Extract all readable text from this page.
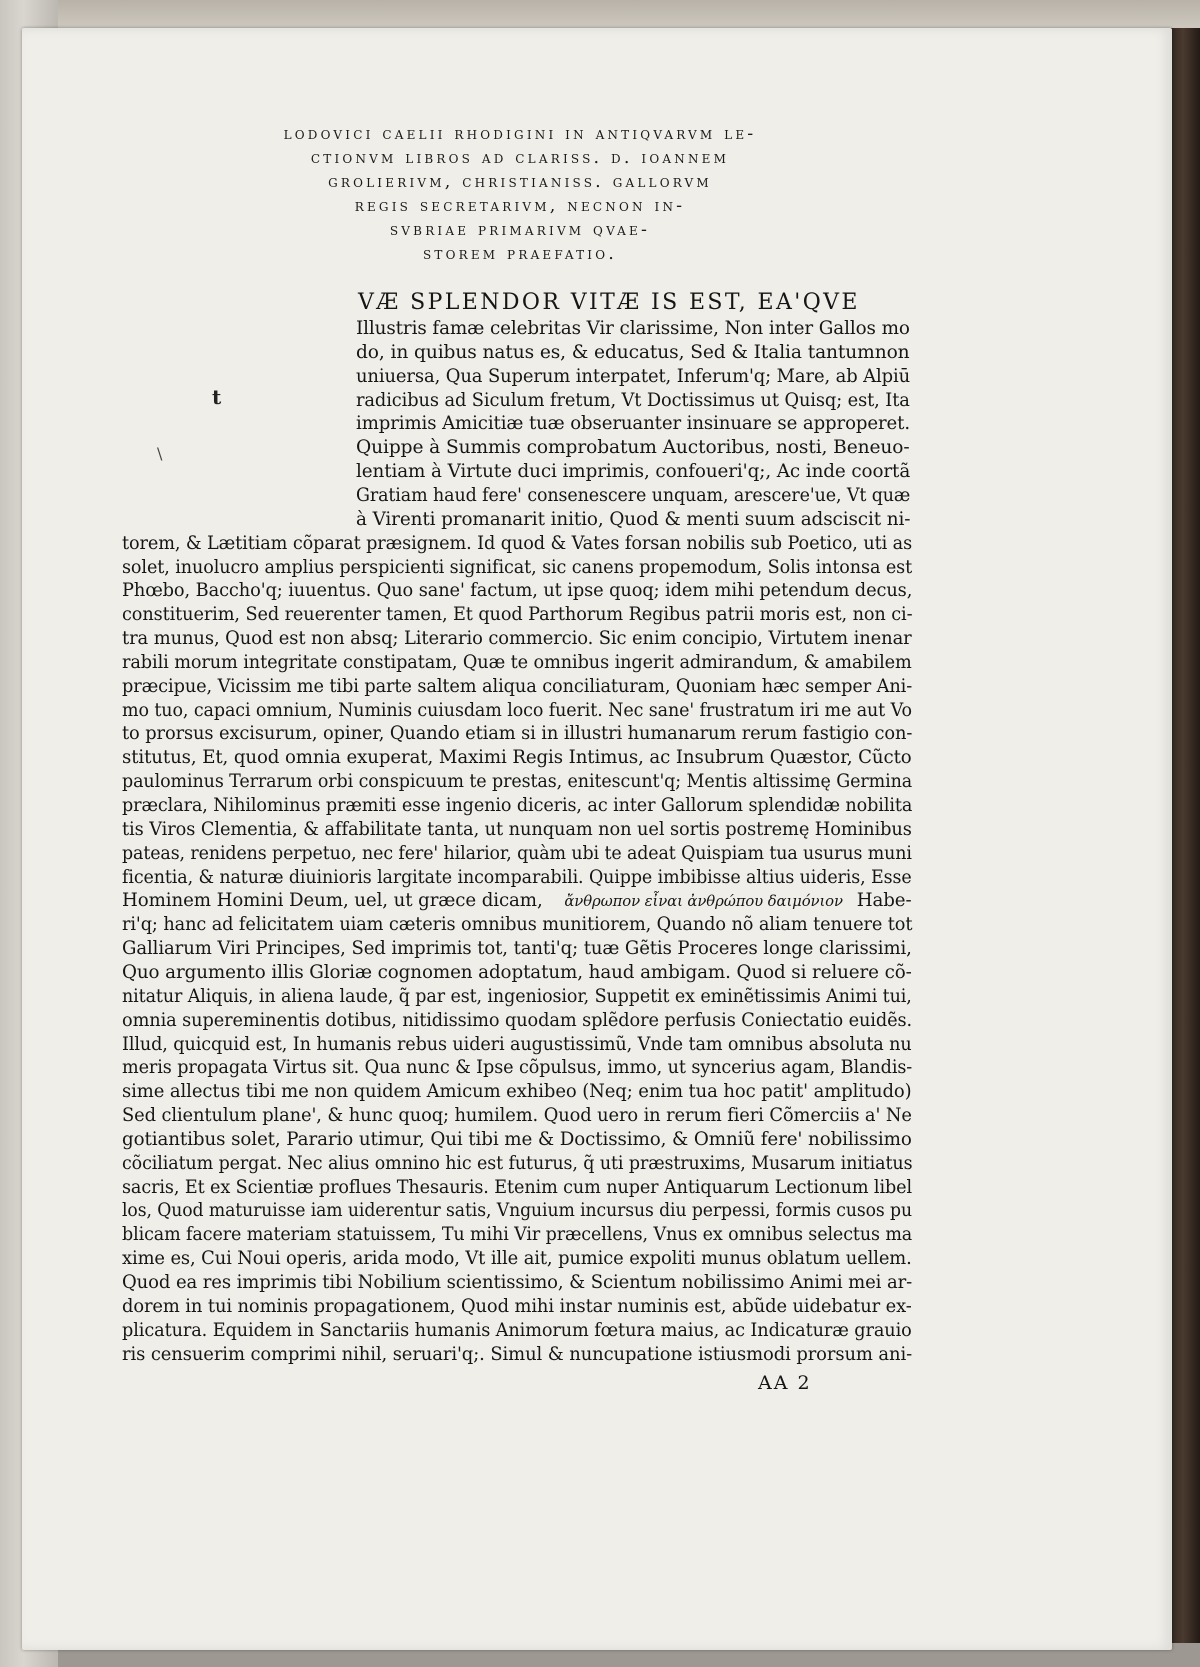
lodovici caelii rhodigini in antiqvarvm le-
ctionvm libros ad clariss. d. ioannem
grolierivm, christianiss. gallorvm
regis secretarivm, necnon in-
svbriae primarivm qvae-
storem praefatio.
VÆ SPLENDOR VITÆ IS EST, EA'QVE
t
\
Illustris famæ celebritas Vir clarissime, Non inter Gallos mo
do, in quibus natus es, & educatus, Sed & Italia tantumnon
uniuersa, Qua Superum interpatet, Inferum'q; Mare, ab Alpiū
radicibus ad Siculum fretum, Vt Doctissimus ut Quisq; est, Ita
imprimis Amicitiæ tuæ obseruanter insinuare se approperet.
Quippe à Summis comprobatum Auctoribus, nosti, Beneuo-
lentiam à Virtute duci imprimis, confoueri'q;, Ac inde coortã
Gratiam haud fere' consenescere unquam, arescere'ue, Vt quæ
à Virenti promanarit initio, Quod & menti suum adsciscit ni-
torem, & Lætitiam cõparat præsignem. Id quod & Vates forsan nobilis sub Poetico, uti as
solet, inuolucro amplius perspicienti significat, sic canens propemodum, Solis intonsa est
Phœbo, Baccho'q; iuuentus. Quo sane' factum, ut ipse quoq; idem mihi petendum decus,
constituerim, Sed reuerenter tamen, Et quod Parthorum Regibus patrii moris est, non ci-
tra munus, Quod est non absq; Literario commercio. Sic enim concipio, Virtutem inenar
rabili morum integritate constipatam, Quæ te omnibus ingerit admirandum, & amabilem
præcipue, Vicissim me tibi parte saltem aliqua conciliaturam, Quoniam hæc semper Ani-
mo tuo, capaci omnium, Numinis cuiusdam loco fuerit. Nec sane' frustratum iri me aut Vo
to prorsus excisurum, opiner, Quando etiam si in illustri humanarum rerum fastigio con-
stitutus, Et, quod omnia exuperat, Maximi Regis Intimus, ac Insubrum Quæstor, Cũcto
paulominus Terrarum orbi conspicuum te prestas, enitescunt'q; Mentis altissimę Germina
præclara, Nihilominus præmiti esse ingenio diceris, ac inter Gallorum splendidæ nobilita
tis Viros Clementia, & affabilitate tanta, ut nunquam non uel sortis postremę Hominibus
pateas, renidens perpetuo, nec fere' hilarior, quàm ubi te adeat Quispiam tua usurus muni
ficentia, & naturæ diuinioris largitate incomparabili. Quippe imbibisse altius uideris, Esse
Hominem Homini Deum, uel, ut græce dicam, ἄνθρωπον εἶναι ἀνθρώπου δαιμόνιον Habe-
ri'q; hanc ad felicitatem uiam cæteris omnibus munitiorem, Quando nõ aliam tenuere tot
Galliarum Viri Principes, Sed imprimis tot, tanti'q; tuæ Gẽtis Proceres longe clarissimi,
Quo argumento illis Gloriæ cognomen adoptatum, haud ambigam. Quod si reluere cõ-
nitatur Aliquis, in aliena laude, q̃ par est, ingeniosior, Suppetit ex eminẽtissimis Animi tui,
omnia supereminentis dotibus, nitidissimo quodam splẽdore perfusis Coniectatio euidẽs.
Illud, quicquid est, In humanis rebus uideri augustissimũ, Vnde tam omnibus absoluta nu
meris propagata Virtus sit. Qua nunc & Ipse cõpulsus, immo, ut syncerius agam, Blandis-
sime allectus tibi me non quidem Amicum exhibeo (Neq; enim tua hoc patit' amplitudo)
Sed clientulum plane', & hunc quoq; humilem. Quod uero in rerum fieri Cõmerciis a' Ne
gotiantibus solet, Parario utimur, Qui tibi me & Doctissimo, & Omniũ fere' nobilissimo
cõciliatum pergat. Nec alius omnino hic est futurus, q̃ uti præstruxims, Musarum initiatus
sacris, Et ex Scientiæ proflues Thesauris. Etenim cum nuper Antiquarum Lectionum libel
los, Quod maturuisse iam uiderentur satis, Vnguium incursus diu perpessi, formis cusos pu
blicam facere materiam statuissem, Tu mihi Vir præcellens, Vnus ex omnibus selectus ma
xime es, Cui Noui operis, arida modo, Vt ille ait, pumice expoliti munus oblatum uellem.
Quod ea res imprimis tibi Nobilium scientissimo, & Scientum nobilissimo Animi mei ar-
dorem in tui nominis propagationem, Quod mihi instar numinis est, abũde uidebatur ex-
plicatura. Equidem in Sanctariis humanis Animorum fœtura maius, ac Indicaturæ grauio
ris censuerim comprimi nihil, seruari'q;. Simul & nuncupatione istiusmodi prorsum ani-
AA 2
